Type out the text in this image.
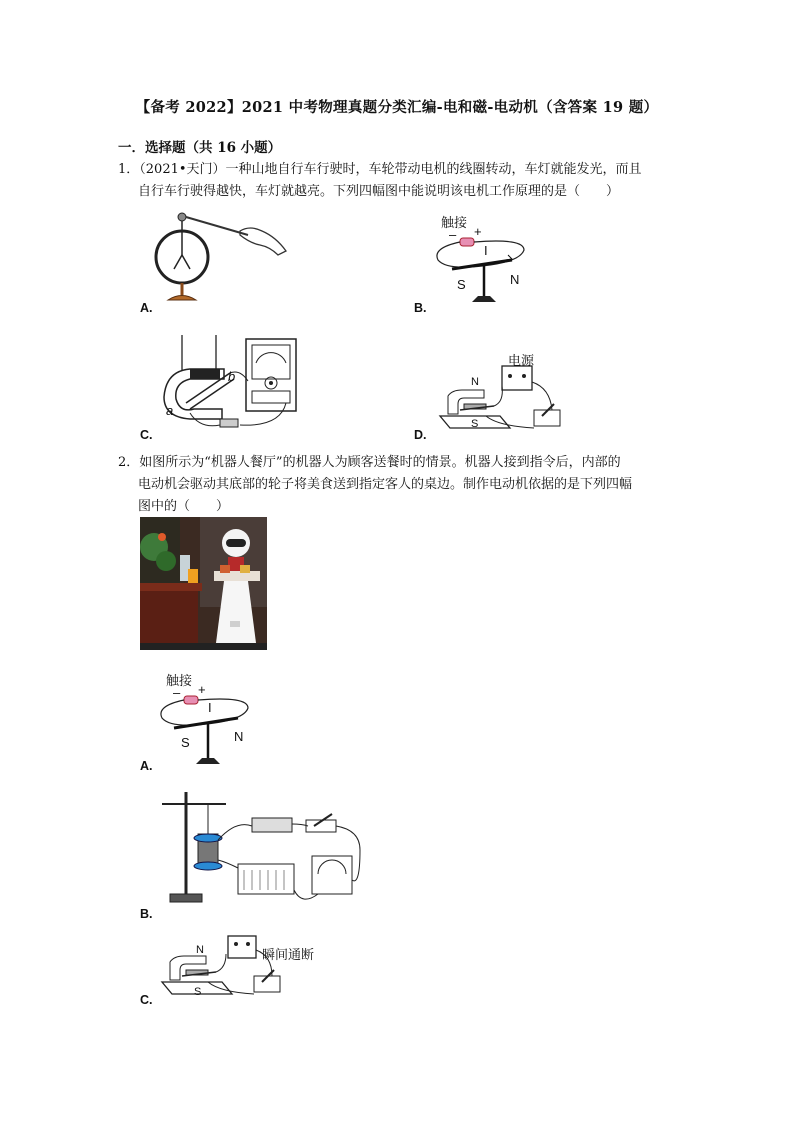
【备考 2022】2021 中考物理真题分类汇编-电和磁-电动机（含答案 19 题）
一．选择题（共 16 小题）
1．（2021•天门）一种山地自行车行驶时，车轮带动电机的线圈转动，车灯就能发光，而且
自行车行驶得越快，车灯就越亮。下列四幅图中能说明该电机工作原理的是（　　）
A.
触接
– +
I
S	N
B.
b
a
C.
电源
N
S
D.
2．如图所示为“机器人餐厅”的机器人为顾客送餐时的情景。机器人接到指令后，内部的
电动机会驱动其底部的轮子将美食送到指定客人的桌边。制作电动机依据的是下列四幅
图中的（　　）
触接
– +
I
S	N
A.
B.
瞬间通断
N
S
C.
